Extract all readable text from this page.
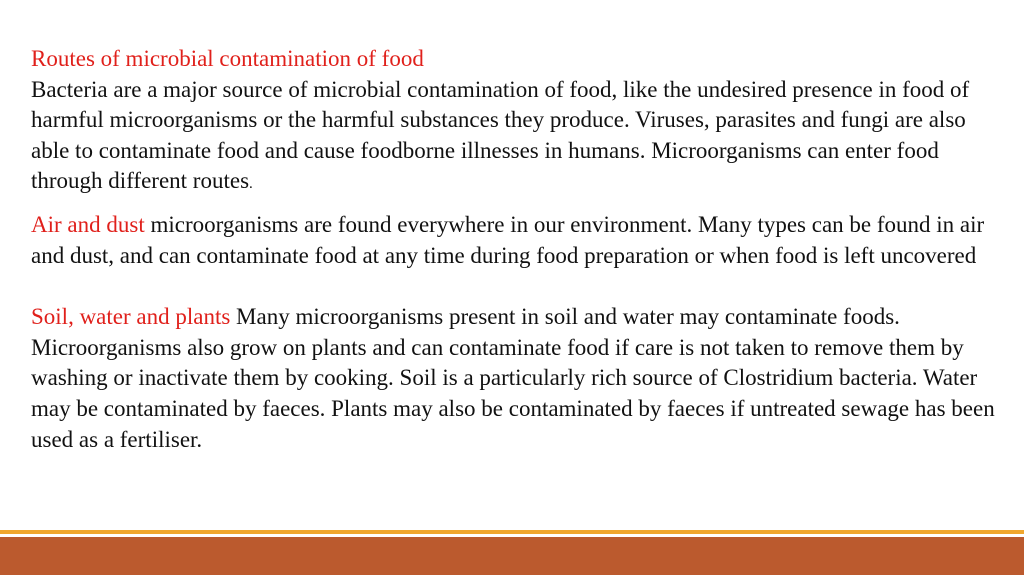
Routes of microbial contamination of food
Bacteria are a major source of microbial contamination of food, like the undesired presence in food of harmful microorganisms or the harmful substances they produce. Viruses, parasites and fungi are also able to contaminate food and cause foodborne illnesses in humans. Microorganisms can enter food through different routes.

Air and dust microorganisms are found everywhere in our environment. Many types can be found in air and dust, and can contaminate food at any time during food preparation or when food is left uncovered

Soil, water and plants Many microorganisms present in soil and water may contaminate foods. Microorganisms also grow on plants and can contaminate food if care is not taken to remove them by washing or inactivate them by cooking. Soil is a particularly rich source of Clostridium bacteria. Water may be contaminated by faeces. Plants may also be contaminated by faeces if untreated sewage has been used as a fertiliser.
